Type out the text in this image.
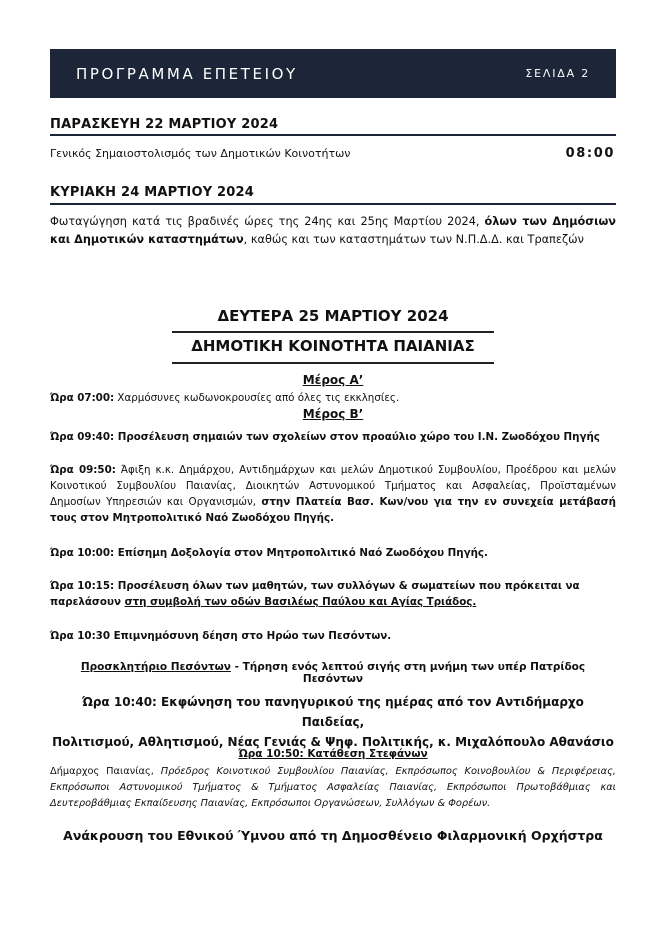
ΠΡΟΓΡΑΜΜΑ ΕΠΕΤΕΙΟΥ	ΣΕΛΙΔΑ 2
ΠΑΡΑΣΚΕΥΗ 22 ΜΑΡΤΙΟΥ 2024
Γενικός Σημαιοστολισμός των Δημοτικών Κοινοτήτων	08:00
ΚΥΡΙΑΚΗ 24 ΜΑΡΤΙΟΥ 2024
Φωταγώγηση κατά τις βραδινές ώρες της 24ης και 25ης Μαρτίου 2024, όλων των Δημόσιων και Δημοτικών καταστημάτων, καθώς και των καταστημάτων των Ν.Π.Δ.Δ. και Τραπεζών
ΔΕΥΤΕΡΑ 25 ΜΑΡΤΙΟΥ 2024
ΔΗΜΟΤΙΚΗ ΚΟΙΝΟΤΗΤΑ ΠΑΙΑΝΙΑΣ
Μέρος Α’
Ώρα 07:00: Χαρμόσυνες κωδωνοκρουσίες από όλες τις εκκλησίες.
Μέρος Β’
Ώρα 09:40: Προσέλευση σημαιών των σχολείων στον προαύλιο χώρο του Ι.Ν. Ζωοδόχου Πηγής
Ώρα 09:50: Άφιξη κ.κ. Δημάρχου, Αντιδημάρχων και μελών Δημοτικού Συμβουλίου, Προέδρου και μελών Κοινοτικού Συμβουλίου Παιανίας, Διοικητών Αστυνομικού Τμήματος και Ασφαλείας, Προϊσταμένων Δημοσίων Υπηρεσιών και Οργανισμών, στην Πλατεία Βασ. Κων/νου για την εν συνεχεία μετάβασή τους στον Μητροπολιτικό Ναό Ζωοδόχου Πηγής.
Ώρα 10:00: Επίσημη Δοξολογία στον Μητροπολιτικό Ναό Ζωοδόχου Πηγής.
Ώρα 10:15: Προσέλευση όλων των μαθητών, των συλλόγων & σωματείων που πρόκειται να παρελάσουν στη συμβολή των οδών Βασιλέως Παύλου και Αγίας Τριάδος.
Ώρα 10:30 Επιμνημόσυνη δέηση στο Ηρώο των Πεσόντων.
Προσκλητήριο Πεσόντων - Τήρηση ενός λεπτού σιγής στη μνήμη των υπέρ Πατρίδος Πεσόντων
Ώρα 10:40: Εκφώνηση του πανηγυρικού της ημέρας από τον Αντιδήμαρχο Παιδείας,
Πολιτισμού, Αθλητισμού, Νέας Γενιάς & Ψηφ. Πολιτικής, κ. Μιχαλόπουλο Αθανάσιο
Ώρα 10:50: Κατάθεση Στεφάνων
Δήμαρχος Παιανίας, Πρόεδρος Κοινοτικού Συμβουλίου Παιανίας, Εκπρόσωπος Κοινοβουλίου & Περιφέρειας, Εκπρόσωποι Αστυνομικού Τμήματος & Τμήματος Ασφαλείας Παιανίας, Εκπρόσωποι Πρωτοβάθμιας και Δευτεροβάθμιας Εκπαίδευσης Παιανίας, Εκπρόσωποι Οργανώσεων, Συλλόγων & Φορέων.
Ανάκρουση του Εθνικού Ύμνου από τη Δημοσθένειο Φιλαρμονική Ορχήστρα
